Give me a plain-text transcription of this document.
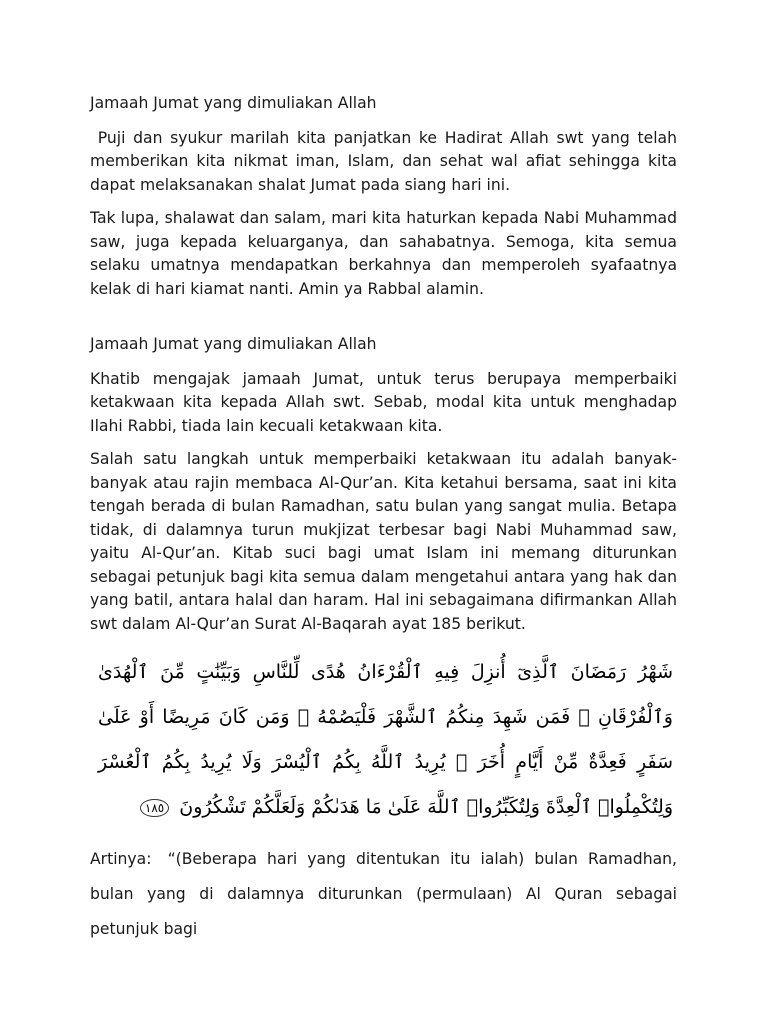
Jamaah Jumat yang dimuliakan Allah

Puji dan syukur marilah kita panjatkan ke Hadirat Allah swt yang telah memberikan kita nikmat iman, Islam, dan sehat wal afiat sehingga kita dapat melaksanakan shalat Jumat pada siang hari ini.

Tak lupa, shalawat dan salam, mari kita haturkan kepada Nabi Muhammad saw, juga kepada keluarganya, dan sahabatnya. Semoga, kita semua selaku umatnya mendapatkan berkahnya dan memperoleh syafaatnya kelak di hari kiamat nanti. Amin ya Rabbal alamin.

Jamaah Jumat yang dimuliakan Allah

Khatib mengajak jamaah Jumat, untuk terus berupaya memperbaiki ketakwaan kita kepada Allah swt. Sebab, modal kita untuk menghadap Ilahi Rabbi, tiada lain kecuali ketakwaan kita.

Salah satu langkah untuk memperbaiki ketakwaan itu adalah banyak-banyak atau rajin membaca Al-Qur’an. Kita ketahui bersama, saat ini kita tengah berada di bulan Ramadhan, satu bulan yang sangat mulia. Betapa tidak, di dalamnya turun mukjizat terbesar bagi Nabi Muhammad saw, yaitu Al-Qur’an. Kitab suci bagi umat Islam ini memang diturunkan sebagai petunjuk bagi kita semua dalam mengetahui antara yang hak dan yang batil, antara halal dan haram. Hal ini sebagaimana difirmankan Allah swt dalam Al-Qur’an Surat Al-Baqarah ayat 185 berikut.

شَهْرُ رَمَضَانَ ٱلَّذِىٓ أُنزِلَ فِيهِ ٱلْقُرْءَانُ هُدًى لِّلنَّاسِ وَبَيِّنَٰتٍ مِّنَ ٱلْهُدَىٰ وَٱلْفُرْقَانِ ۚ فَمَن شَهِدَ مِنكُمُ ٱلشَّهْرَ فَلْيَصُمْهُ ۖ وَمَن كَانَ مَرِيضًا أَوْ عَلَىٰ سَفَرٍ فَعِدَّةٌ مِّنْ أَيَّامٍ أُخَرَ ۗ يُرِيدُ ٱللَّهُ بِكُمُ ٱلْيُسْرَ وَلَا يُرِيدُ بِكُمُ ٱلْعُسْرَ وَلِتُكْمِلُوا۟ ٱلْعِدَّةَ وَلِتُكَبِّرُوا۟ ٱللَّهَ عَلَىٰ مَا هَدَىٰكُمْ وَلَعَلَّكُمْ تَشْكُرُونَ ١٨٥

Artinya: “(Beberapa hari yang ditentukan itu ialah) bulan Ramadhan, bulan yang di dalamnya diturunkan (permulaan) Al Quran sebagai petunjuk bagi
